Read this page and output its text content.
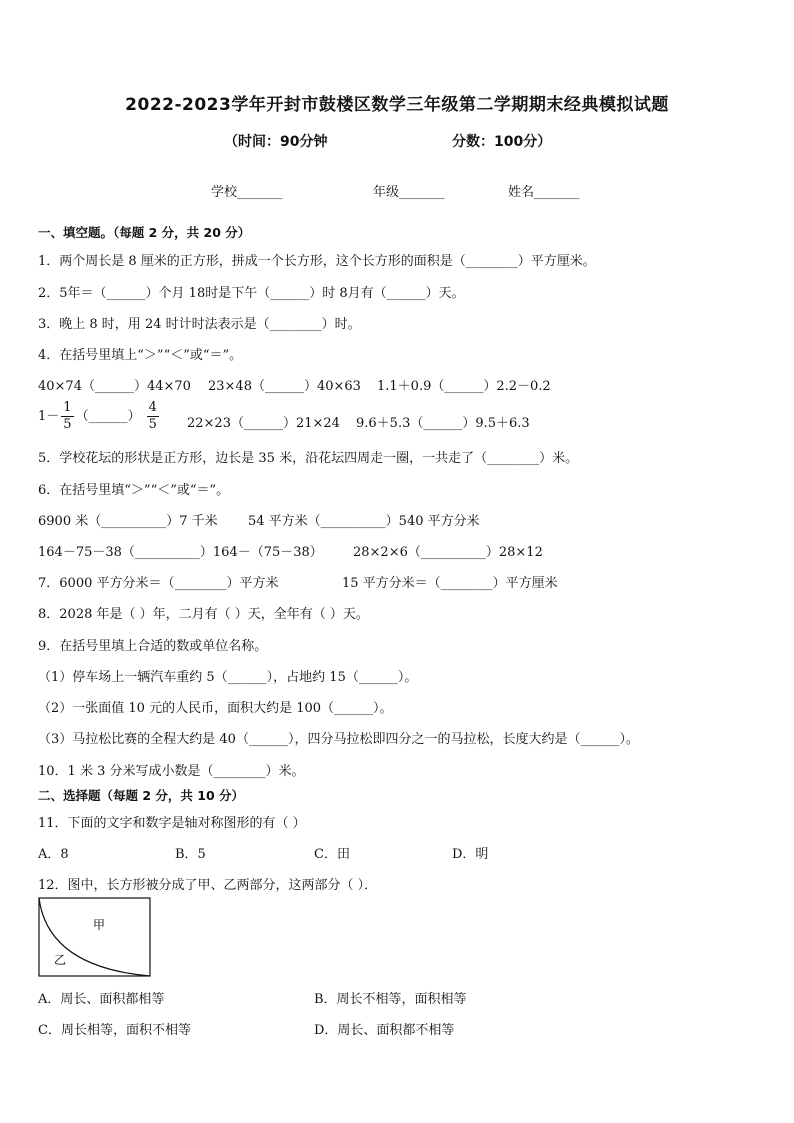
2022-2023学年开封市鼓楼区数学三年级第二学期期末经典模拟试题
（时间：90分钟	分数：100分）
学校_______	年级_______	姓名_______
一、填空题。（每题 2 分，共 20 分）
1．两个周长是 8 厘米的正方形，拼成一个长方形，这个长方形的面积是（________）平方厘米。
2．5年＝（______）个月 18时是下午（______）时 8月有（______）天。
3．晚上 8 时，用 24 时计时法表示是（________）时。
4．在括号里填上“＞”“＜”或“＝”。
40×74（______）44×70 23×48（______）40×63 1.1＋0.9（______）2.2－0.2
$1- \frac{1}{5}$ （______） $\frac{4}{5}$ 22×23（______）21×24 9.6＋5.3（______）9.5＋6.3
5．学校花坛的形状是正方形，边长是 35 米，沿花坛四周走一圈，一共走了（________）米。
6．在括号里填“＞”“＜”或“＝”。
6900 米（__________）7 千米 54 平方米（__________）540 平方分米
164－75－38（__________）164－（75－38） 28×2×6（__________）28×12
7．6000 平方分米＝（________）平方米	15 平方分米＝（________）平方厘米
8．2028 年是（ ）年，二月有（ ）天，全年有（ ）天。
9．在括号里填上合适的数或单位名称。
（1）停车场上一辆汽车重约 5（______），占地约 15（______）。
（2）一张面值 10 元的人民币，面积大约是 100（______）。
（3）马拉松比赛的全程大约是 40（______），四分马拉松即四分之一的马拉松，长度大约是（______）。
10．1 米 3 分米写成小数是（________）米。
二、选择题（每题 2 分，共 10 分）
11．下面的文字和数字是轴对称图形的有（ ）
A．8	B．5	C．田	D．明
12．图中，长方形被分成了甲、乙两部分，这两部分（ ）．
甲
乙
A．周长、面积都相等	B．周长不相等，面积相等
C．周长相等，面积不相等	D．周长、面积都不相等
